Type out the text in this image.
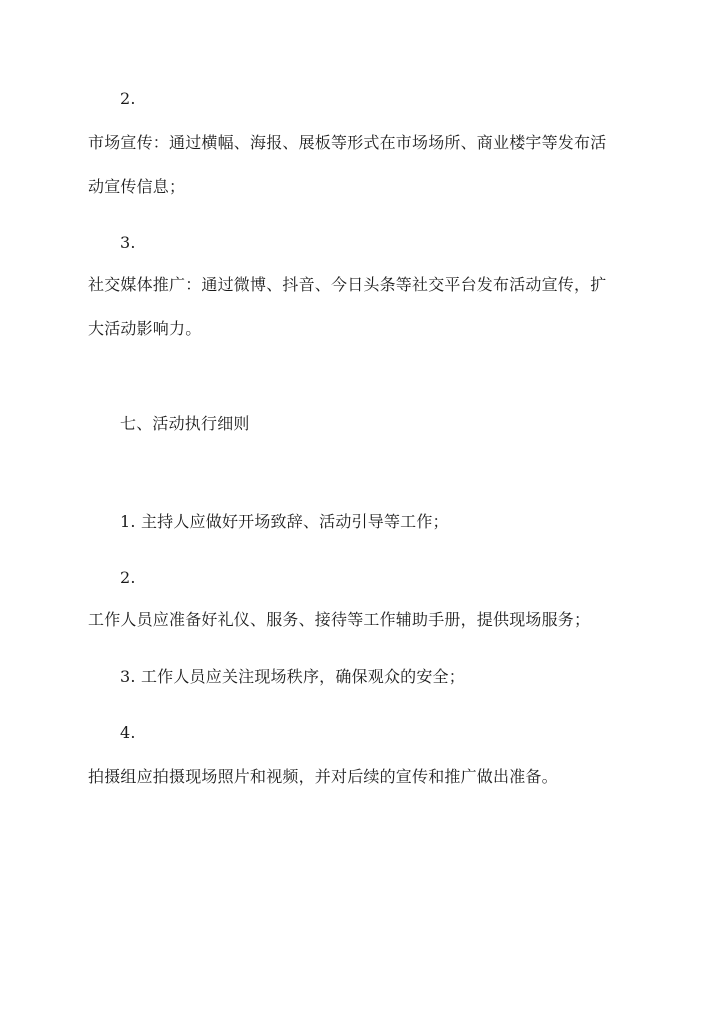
2.
市场宣传：通过横幅、海报、展板等形式在市场场所、商业楼宇等发布活
动宣传信息；
3.
社交媒体推广：通过微博、抖音、今日头条等社交平台发布活动宣传，扩
大活动影响力。
七、活动执行细则
1. 主持人应做好开场致辞、活动引导等工作；
2.
工作人员应准备好礼仪、服务、接待等工作辅助手册，提供现场服务；
3. 工作人员应关注现场秩序，确保观众的安全；
4.
拍摄组应拍摄现场照片和视频，并对后续的宣传和推广做出准备。
